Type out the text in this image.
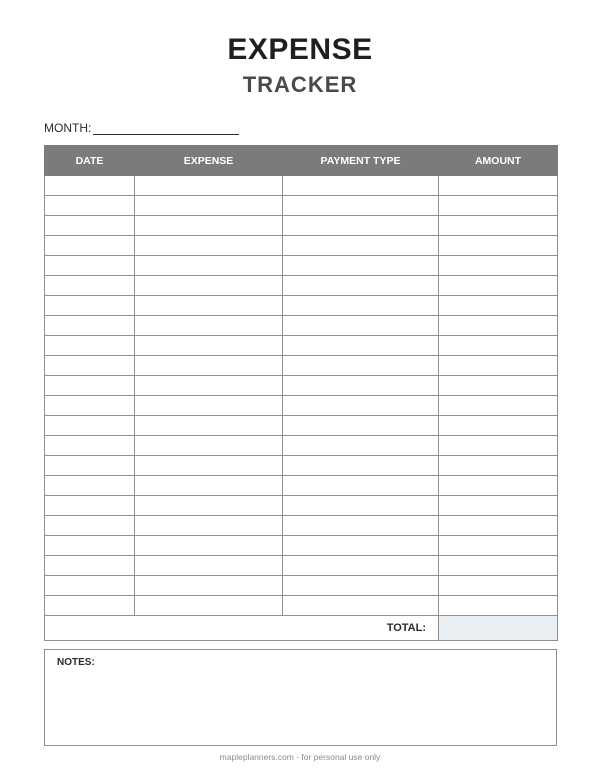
EXPENSE
TRACKER
MONTH:
DATE	EXPENSE	PAYMENT TYPE	AMOUNT

TOTAL:			
NOTES:
mapleplanners.com - for personal use only
